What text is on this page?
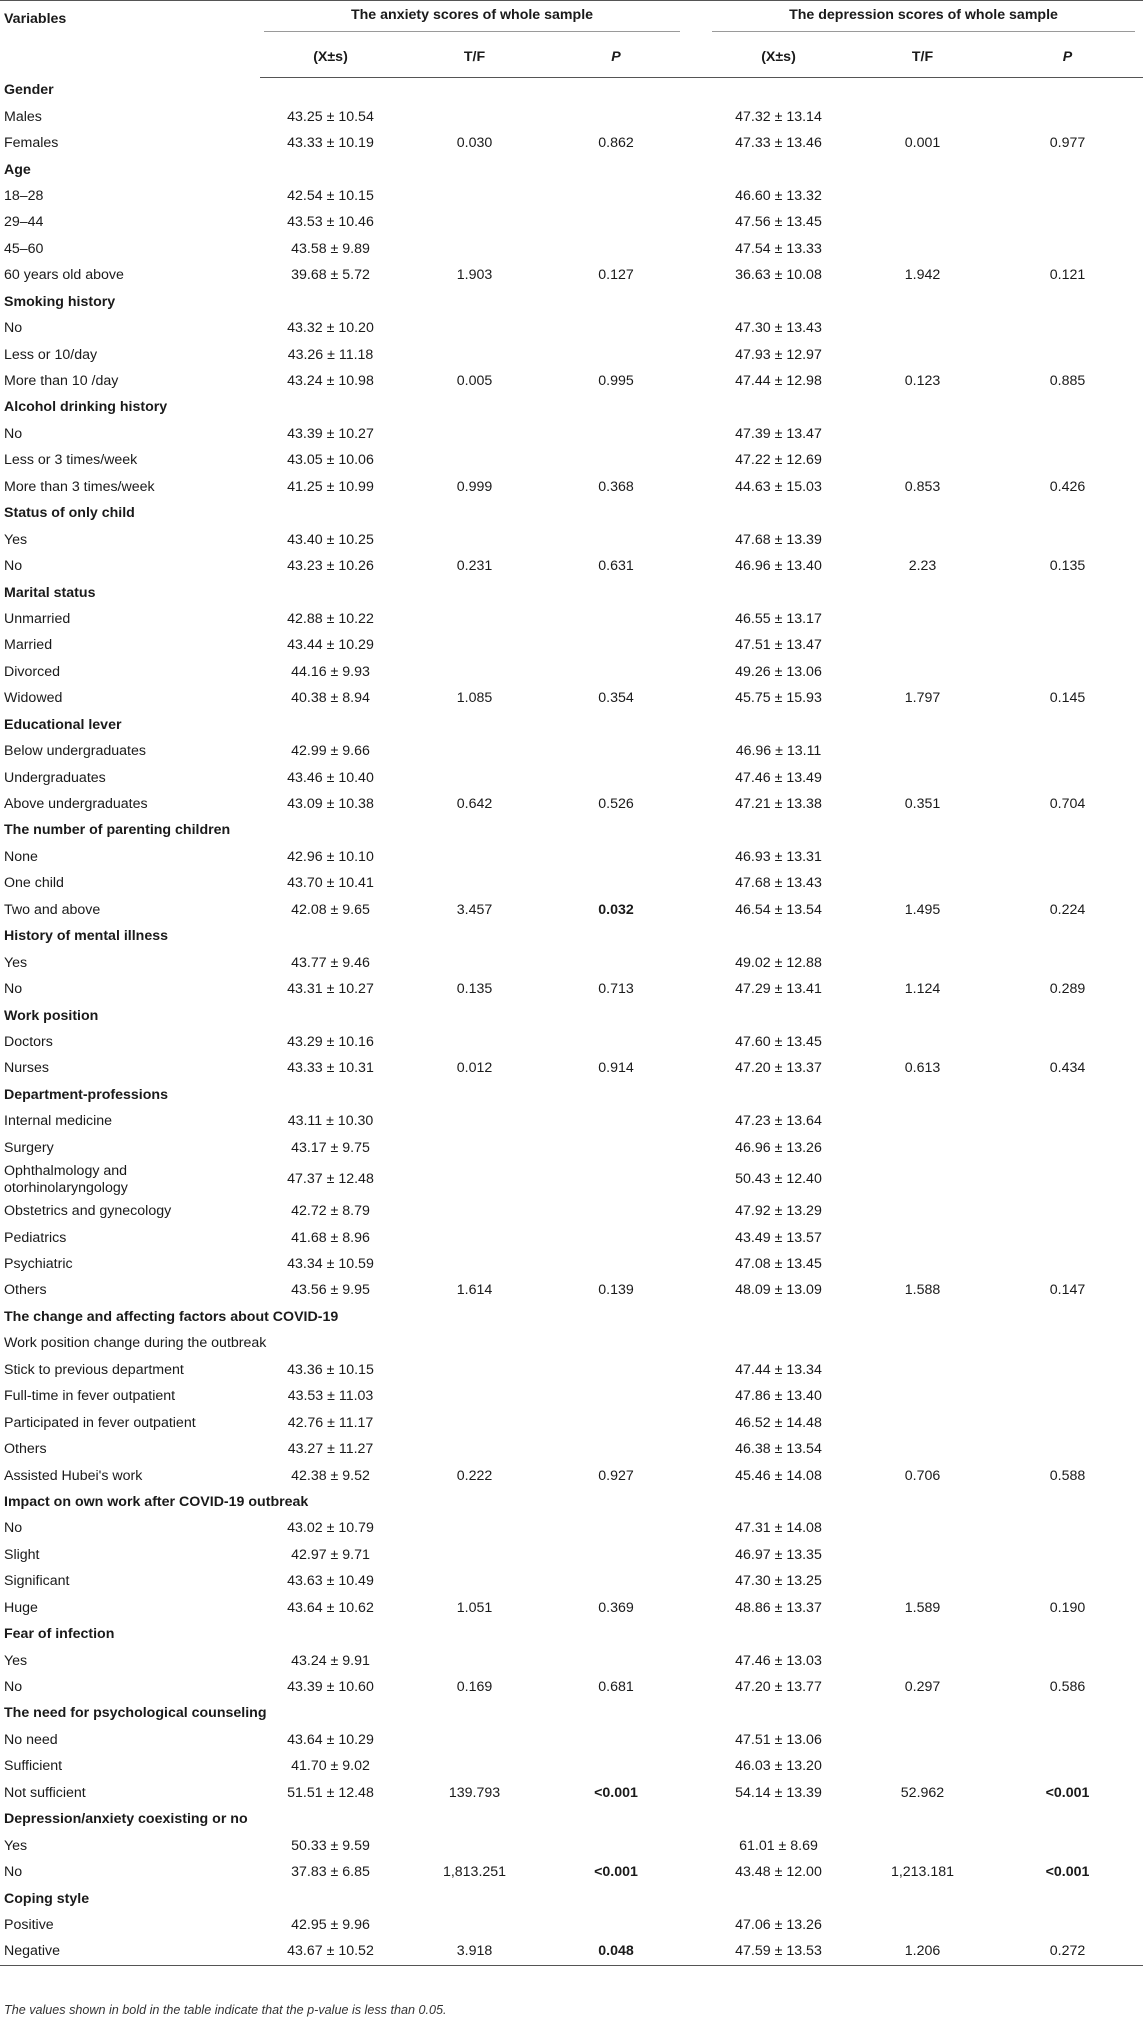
Variables	The anxiety scores of whole sample				The depression scores of whole sample		

	(X±s)	T/F	P		(X±s)	T/F	P
Gender							
Males	43.25 ± 10.54				47.32 ± 13.14		
Females	43.33 ± 10.19	0.030	0.862		47.33 ± 13.46	0.001	0.977
Age							
18–28	42.54 ± 10.15				46.60 ± 13.32		
29–44	43.53 ± 10.46				47.56 ± 13.45		
45–60	43.58 ± 9.89				47.54 ± 13.33		
60 years old above	39.68 ± 5.72	1.903	0.127		36.63 ± 10.08	1.942	0.121
Smoking history							
No	43.32 ± 10.20				47.30 ± 13.43		
Less or 10/day	43.26 ± 11.18				47.93 ± 12.97		
More than 10 /day	43.24 ± 10.98	0.005	0.995		47.44 ± 12.98	0.123	0.885
Alcohol drinking history							
No	43.39 ± 10.27				47.39 ± 13.47		
Less or 3 times/week	43.05 ± 10.06				47.22 ± 12.69		
More than 3 times/week	41.25 ± 10.99	0.999	0.368		44.63 ± 15.03	0.853	0.426
Status of only child							
Yes	43.40 ± 10.25				47.68 ± 13.39		
No	43.23 ± 10.26	0.231	0.631		46.96 ± 13.40	2.23	0.135
Marital status							
Unmarried	42.88 ± 10.22				46.55 ± 13.17		
Married	43.44 ± 10.29				47.51 ± 13.47		
Divorced	44.16 ± 9.93				49.26 ± 13.06		
Widowed	40.38 ± 8.94	1.085	0.354		45.75 ± 15.93	1.797	0.145
Educational lever							
Below undergraduates	42.99 ± 9.66				46.96 ± 13.11		
Undergraduates	43.46 ± 10.40				47.46 ± 13.49		
Above undergraduates	43.09 ± 10.38	0.642	0.526		47.21 ± 13.38	0.351	0.704
The number of parenting children							
None	42.96 ± 10.10				46.93 ± 13.31		
One child	43.70 ± 10.41				47.68 ± 13.43		
Two and above	42.08 ± 9.65	3.457	0.032		46.54 ± 13.54	1.495	0.224
History of mental illness							
Yes	43.77 ± 9.46				49.02 ± 12.88		
No	43.31 ± 10.27	0.135	0.713		47.29 ± 13.41	1.124	0.289
Work position							
Doctors	43.29 ± 10.16				47.60 ± 13.45		
Nurses	43.33 ± 10.31	0.012	0.914		47.20 ± 13.37	0.613	0.434
Department-professions							
Internal medicine	43.11 ± 10.30				47.23 ± 13.64		
Surgery	43.17 ± 9.75				46.96 ± 13.26		
Ophthalmology and otorhinolaryngology	47.37 ± 12.48				50.43 ± 12.40		
Obstetrics and gynecology	42.72 ± 8.79				47.92 ± 13.29		
Pediatrics	41.68 ± 8.96				43.49 ± 13.57		
Psychiatric	43.34 ± 10.59				47.08 ± 13.45		
Others	43.56 ± 9.95	1.614	0.139		48.09 ± 13.09	1.588	0.147
The change and affecting factors about COVID-19							
Work position change during the outbreak							
Stick to previous department	43.36 ± 10.15				47.44 ± 13.34		
Full-time in fever outpatient	43.53 ± 11.03				47.86 ± 13.40		
Participated in fever outpatient	42.76 ± 11.17				46.52 ± 14.48		
Others	43.27 ± 11.27				46.38 ± 13.54		
Assisted Hubei's work	42.38 ± 9.52	0.222	0.927		45.46 ± 14.08	0.706	0.588
Impact on own work after COVID-19 outbreak							
No	43.02 ± 10.79				47.31 ± 14.08		
Slight	42.97 ± 9.71				46.97 ± 13.35		
Significant	43.63 ± 10.49				47.30 ± 13.25		
Huge	43.64 ± 10.62	1.051	0.369		48.86 ± 13.37	1.589	0.190
Fear of infection							
Yes	43.24 ± 9.91				47.46 ± 13.03		
No	43.39 ± 10.60	0.169	0.681		47.20 ± 13.77	0.297	0.586
The need for psychological counseling							
No need	43.64 ± 10.29				47.51 ± 13.06		
Sufficient	41.70 ± 9.02				46.03 ± 13.20		
Not sufficient	51.51 ± 12.48	139.793	<0.001		54.14 ± 13.39	52.962	<0.001
Depression/anxiety coexisting or no							
Yes	50.33 ± 9.59				61.01 ± 8.69		
No	37.83 ± 6.85	1,813.251	<0.001		43.48 ± 12.00	1,213.181	<0.001
Coping style							
Positive	42.95 ± 9.96				47.06 ± 13.26		
Negative	43.67 ± 10.52	3.918	0.048		47.59 ± 13.53	1.206	0.272
The values shown in bold in the table indicate that the p-value is less than 0.05.
